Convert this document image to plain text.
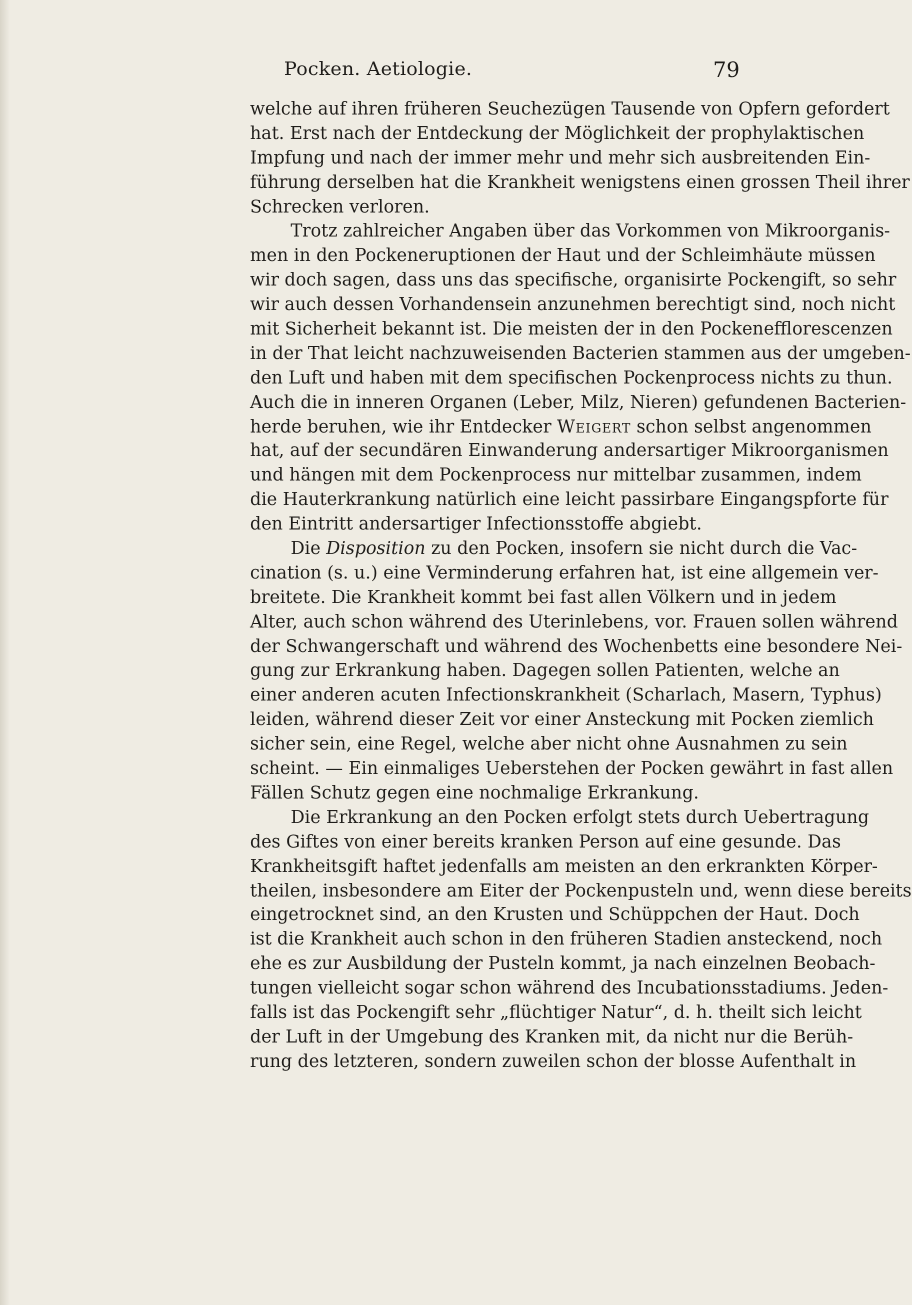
Pocken. Aetiologie.	79
welche auf ihren früheren Seuchezügen Tausende von Opfern gefordert
hat. Erst nach der Entdeckung der Möglichkeit der prophylaktischen
Impfung und nach der immer mehr und mehr sich ausbreitenden Ein-
führung derselben hat die Krankheit wenigstens einen grossen Theil ihrer
Schrecken verloren.
Trotz zahlreicher Angaben über das Vorkommen von Mikroorganis-
men in den Pockeneruptionen der Haut und der Schleimhäute müssen
wir doch sagen, dass uns das specifische, organisirte Pockengift, so sehr
wir auch dessen Vorhandensein anzunehmen berechtigt sind, noch nicht
mit Sicherheit bekannt ist. Die meisten der in den Pockenefflorescenzen
in der That leicht nachzuweisenden Bacterien stammen aus der umgeben-
den Luft und haben mit dem specifischen Pockenprocess nichts zu thun.
Auch die in inneren Organen (Leber, Milz, Nieren) gefundenen Bacterien-
herde beruhen, wie ihr Entdecker Weigert schon selbst angenommen
hat, auf der secundären Einwanderung andersartiger Mikroorganismen
und hängen mit dem Pockenprocess nur mittelbar zusammen, indem
die Hauterkrankung natürlich eine leicht passirbare Eingangspforte für
den Eintritt andersartiger Infectionsstoffe abgiebt.
Die Disposition zu den Pocken, insofern sie nicht durch die Vac-
cination (s. u.) eine Verminderung erfahren hat, ist eine allgemein ver-
breitete. Die Krankheit kommt bei fast allen Völkern und in jedem
Alter, auch schon während des Uterinlebens, vor. Frauen sollen während
der Schwangerschaft und während des Wochenbetts eine besondere Nei-
gung zur Erkrankung haben. Dagegen sollen Patienten, welche an
einer anderen acuten Infectionskrankheit (Scharlach, Masern, Typhus)
leiden, während dieser Zeit vor einer Ansteckung mit Pocken ziemlich
sicher sein, eine Regel, welche aber nicht ohne Ausnahmen zu sein
scheint. — Ein einmaliges Ueberstehen der Pocken gewährt in fast allen
Fällen Schutz gegen eine nochmalige Erkrankung.
Die Erkrankung an den Pocken erfolgt stets durch Uebertragung
des Giftes von einer bereits kranken Person auf eine gesunde. Das
Krankheitsgift haftet jedenfalls am meisten an den erkrankten Körper-
theilen, insbesondere am Eiter der Pockenpusteln und, wenn diese bereits
eingetrocknet sind, an den Krusten und Schüppchen der Haut. Doch
ist die Krankheit auch schon in den früheren Stadien ansteckend, noch
ehe es zur Ausbildung der Pusteln kommt, ja nach einzelnen Beobach-
tungen vielleicht sogar schon während des Incubationsstadiums. Jeden-
falls ist das Pockengift sehr „flüchtiger Natur“, d. h. theilt sich leicht
der Luft in der Umgebung des Kranken mit, da nicht nur die Berüh-
rung des letzteren, sondern zuweilen schon der blosse Aufenthalt in
